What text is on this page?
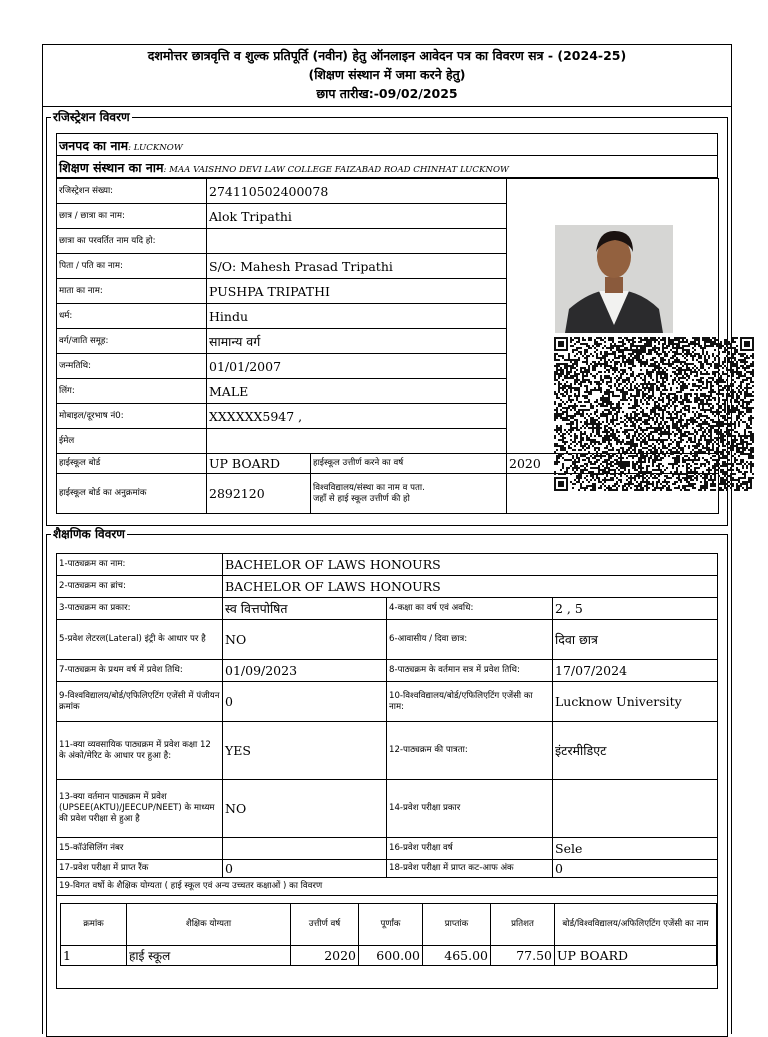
दशमोत्तर छात्रवृत्ति व शुल्क प्रतिपूर्ति (नवीन) हेतु ऑनलाइन आवेदन पत्र का विवरण सत्र - (2024-25)
(शिक्षण संस्थान में जमा करने हेतु)
छाप तारीख:-09/02/2025
रजिस्ट्रेशन विवरण
जनपद का नाम: LUCKNOW
शिक्षण संस्थान का नाम: MAA VAISHNO DEVI LAW COLLEGE FAIZABAD ROAD CHINHAT LUCKNOW
रजिस्ट्रेशन संख्या:	274110502400078		
छात्र / छात्रा का नाम:	Alok Tripathi		
छात्रा का परवर्तित नाम यदि हो:			
पिता / पति का नाम:	S/O: Mahesh Prasad Tripathi		
माता का नाम:	PUSHPA TRIPATHI		
धर्म:	Hindu		
वर्ग/जाति समूह:	सामान्य वर्ग		
जन्मतिथि:	01/01/2007		
लिंग:	MALE		
मोबाइल/दूरभाष नं0:	XXXXXX5947 ,		
ईमेल			
हाईस्कूल बोर्ड	UP BOARD	हाईस्कूल उत्तीर्ण करने का वर्ष	2020
हाईस्कूल बोर्ड का अनुक्रमांक	2892120	विश्वविद्यालय/संस्था का नाम व पता.
जहाँ से हाई स्कूल उत्तीर्ण की हो	

शैक्षणिक विवरण
1-पाठ्यक्रम का नाम:	BACHELOR OF LAWS HONOURS		
2-पाठ्यक्रम का ब्रांच:	BACHELOR OF LAWS HONOURS		
3-पाठ्यक्रम का प्रकार:	स्व वित्तपोषित	4-कक्षा का वर्ष एवं अवधि:	2 , 5
5-प्रवेश लेटरल(Lateral) इंट्री के आधार पर है	NO	6-आवासीय / दिवा छात्र:	दिवा छात्र
7-पाठ्यक्रम के प्रथम वर्ष में प्रवेश तिथि:	01/09/2023	8-पाठ्यक्रम के वर्तमान सत्र में प्रवेश तिथि:	17/07/2024
9-विश्वविद्यालय/बोर्ड/एफिलिएटिंग एजेंसी में पंजीयन क्रमांक	0	10-विश्वविद्यालय/बोर्ड/एफिलिएटिंग एजेंसी का नाम:	Lucknow University
11-क्या व्यवसायिक पाठ्यक्रम में प्रवेश कक्षा 12 के अंको/मेरिट के आधार पर हुआ है:	YES	12-पाठ्यक्रम की पात्रता:	इंटरमीडिएट
13-क्या वर्तमान पाठ्यक्रम में प्रवेश (UPSEE(AKTU)/JEECUP/NEET) के माध्यम की प्रवेश परीक्षा से हुआ है	NO	14-प्रवेश परीक्षा प्रकार	
15-कॉउंसिलिंग नंबर		16-प्रवेश परीक्षा वर्ष	Sele
17-प्रवेश परीक्षा में प्राप्त रैंक	0	18-प्रवेश परीक्षा में प्राप्त कट-आफ अंक	0
19-विगत वर्षो के शैक्षिक योग्यता ( हाई स्कूल एवं अन्य उच्चतर कक्षाओं ) का विवरण			

क्रमांक	शैक्षिक योग्यता	उत्तीर्ण वर्ष	पूर्णांक	प्राप्तांक	प्रतिशत	बोर्ड/विश्वविद्यालय/अफिलिएटिंग एजेंसी का नाम
1	हाई स्कूल	2020	600.00	465.00	77.50	UP BOARD
